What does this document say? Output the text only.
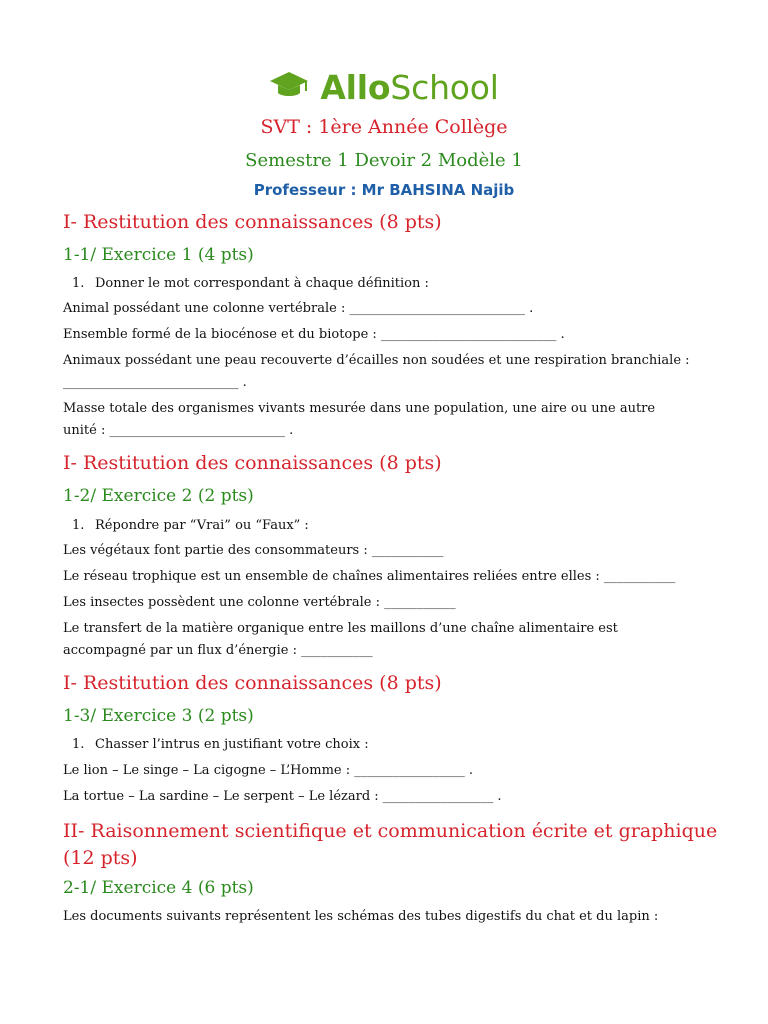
AlloSchool
SVT : 1ère Année Collège
Semestre 1 Devoir 2 Modèle 1
Professeur : Mr BAHSINA Najib
I- Restitution des connaissances (8 pts)
1-1/ Exercice 1 (4 pts)
1. Donner le mot correspondant à chaque définition :
Animal possédant une colonne vertébrale : ___________________________ .
Ensemble formé de la biocénose et du biotope : ___________________________ .
Animaux possédant une peau recouverte d’écailles non soudées et une respiration branchiale : ___________________________ .
Masse totale des organismes vivants mesurée dans une population, une aire ou une autre unité : ___________________________ .
I- Restitution des connaissances (8 pts)
1-2/ Exercice 2 (2 pts)
1. Répondre par “Vrai” ou “Faux” :
Les végétaux font partie des consommateurs : ___________
Le réseau trophique est un ensemble de chaînes alimentaires reliées entre elles : ___________
Les insectes possèdent une colonne vertébrale : ___________
Le transfert de la matière organique entre les maillons d’une chaîne alimentaire est accompagné par un flux d’énergie : ___________
I- Restitution des connaissances (8 pts)
1-3/ Exercice 3 (2 pts)
1. Chasser l’intrus en justifiant votre choix :
Le lion – Le singe – La cigogne – L’Homme : _________________ .
La tortue – La sardine – Le serpent – Le lézard : _________________ .
II- Raisonnement scientifique et communication écrite et graphique (12 pts)
2-1/ Exercice 4 (6 pts)
Les documents suivants représentent les schémas des tubes digestifs du chat et du lapin :
